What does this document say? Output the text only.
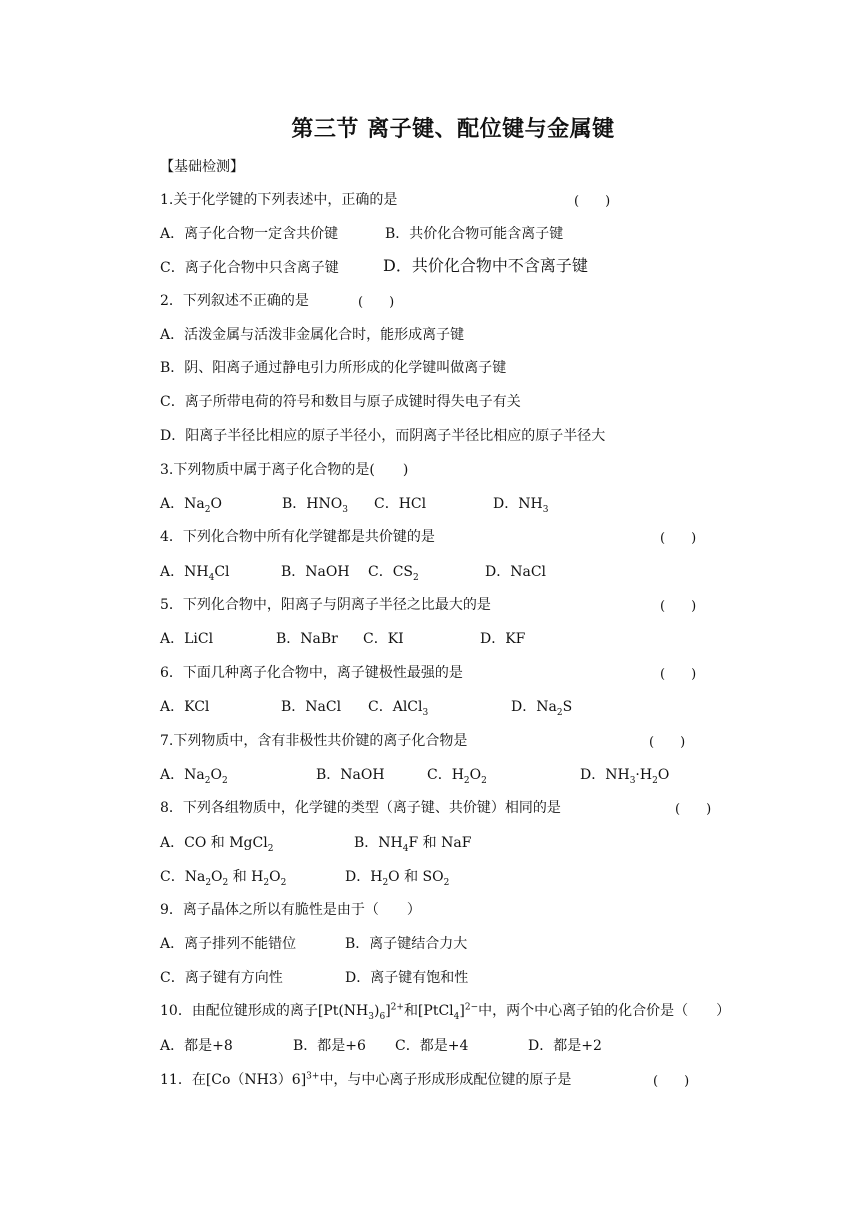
第三节 离子键、配位键与金属键
【基础检测】
1.关于化学键的下列表述中，正确的是	(　　)
A．离子化合物一定含共价键	B．共价化合物可能含离子键
C．离子化合物中只含离子键	D．共价化合物中不含离子键
2．下列叙述不正确的是	(　　)
A．活泼金属与活泼非金属化合时，能形成离子键
B．阴、阳离子通过静电引力所形成的化学键叫做离子键
C．离子所带电荷的符号和数目与原子成键时得失电子有关
D．阳离子半径比相应的原子半径小，而阴离子半径比相应的原子半径大
3.下列物质中属于离子化合物的是(　　)
A．$Na_2O$	B．$HNO_3$ C．HCl	D．$NH_3$
4．下列化合物中所有化学键都是共价键的是	(　　)
A．$NH_4Cl$	B．NaOH C．$CS_2$	D．NaCl
5．下列化合物中，阳离子与阴离子半径之比最大的是	(　　)
A．LiCl	B．NaBr C．KI	D．KF
6．下面几种离子化合物中，离子键极性最强的是	(　　)
A．KCl	B．NaCl C．AlCl$_3$	D．$Na_2S$
7.下列物质中，含有非极性共价键的离子化合物是	(　　)
A．$Na_2O_2$	B．NaOH	C．$H_2O_2$	D．$NH_3\cdot H_2O$
8．下列各组物质中，化学键的类型（离子键、共价键）相同的是	(　　)
A．CO 和 MgCl$_2$	B．$NH_4F$ 和 NaF
C．$Na_2O_2$ 和 $H_2O_2$	D．$H_2O$ 和 $SO_2$
9．离子晶体之所以有脆性是由于（　　）
A．离子排列不能错位	B．离子键结合力大
C．离子键有方向性	D．离子键有饱和性
10．由配位键形成的离子$[Pt(NH_3)_6]^{2+}$和[PtCl$_4$]$^{2-}$中，两个中心离子铂的化合价是（　　）
A．都是+8	B．都是+6 C．都是+4	D．都是+2
11．在$[Co(NH3)6]^{3+}$中，与中心离子形成形成配位键的原子是	(　　)
